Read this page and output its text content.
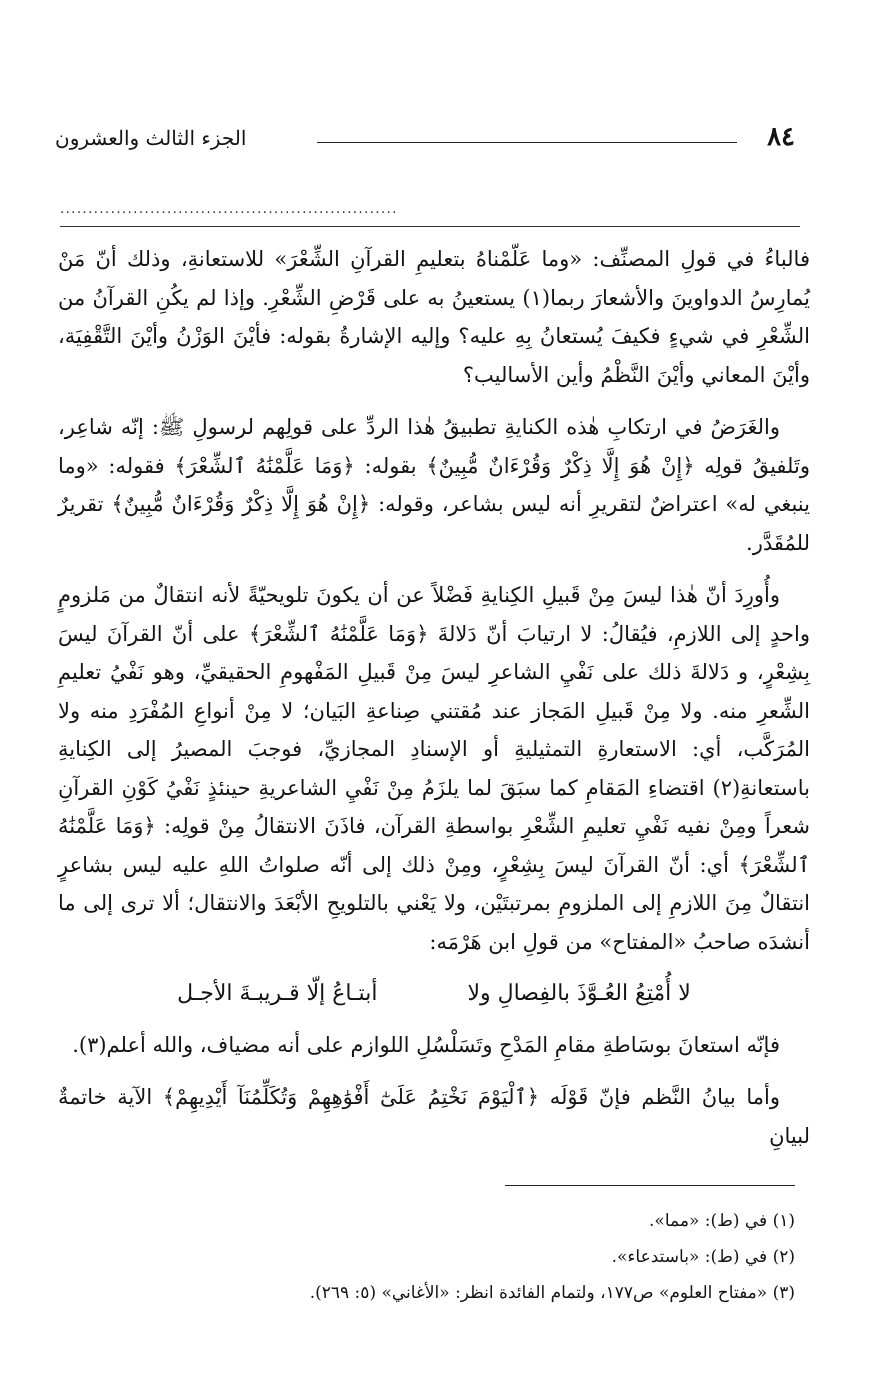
٨٤
الجزء الثالث والعشرون
............................................................

فالباءُ في قولِ المصنِّف: «وما عَلّمْناهُ بتعليمِ القرآنِ الشِّعْرَ» للاستعانةِ، وذلك أنّ مَنْ يُمارِسُ الدواوينَ والأشعارَ ربما(١) يستعينُ به على قَرْضِ الشِّعْرِ. وإذا لم يكُنِ القرآنُ من الشِّعْرِ في شيءٍ فكيفَ يُستعانُ بِهِ عليه؟ وإليه الإشارةُ بقوله: فأيْنَ الوَزْنُ وأيْنَ التَّقْفِيَة، وأيْنَ المعاني وأيْنَ النَّظْمُ وأين الأساليب؟

والغَرَضُ في ارتكابِ هٰذه الكنايةِ تطبيقُ هٰذا الردِّ على قولِهم لرسولِ ﷺ: إنّه شاعِر، وتَلفيقُ قولِه ﴿إِنْ هُوَ إِلَّا ذِكْرٌ وَقُرْءَانٌ مُّبِينٌ﴾ بقوله: ﴿وَمَا عَلَّمْنَٰهُ ٱلشِّعْرَ﴾ فقوله: «وما ينبغي له» اعتراضٌ لتقريرِ أنه ليس بشاعر، وقوله: ﴿إِنْ هُوَ إِلَّا ذِكْرٌ وَقُرْءَانٌ مُّبِينٌ﴾ تقريرٌ للمُقَدَّر.

وأُورِدَ أنّ هٰذا ليسَ مِنْ قَبيلِ الكِنايةِ فَضْلاً عن أن يكونَ تلويحيّةً لأنه انتقالٌ من مَلزومٍ واحدٍ إلى اللازمِ، فيُقالُ: لا ارتيابَ أنّ دَلالةَ ﴿وَمَا عَلَّمْنَٰهُ ٱلشِّعْرَ﴾ على أنّ القرآنَ ليسَ بِشِعْرٍ، و دَلالةَ ذلك على نَفْيِ الشاعرِ ليسَ مِنْ قَبيلِ المَفْهومِ الحقيقيِّ، وهو نَفْيُ تعليمِ الشِّعرِ منه. ولا مِنْ قَبيلِ المَجاز عند مُقتني صِناعةِ البَيان؛ لا مِنْ أنواعِ المُفْرَدِ منه ولا المُرَكَّب، أي: الاستعارةِ التمثيليةِ أو الإسنادِ المجازيِّ، فوجبَ المصيرُ إلى الكِنايةِ باستعانةِ(٢) اقتضاءِ المَقامِ كما سبَقَ لما يلزَمُ مِنْ نَفْيِ الشاعريةِ حينئذٍ نَفْيُ كَوْنِ القرآنِ شعراً ومِنْ نفيه نَفْيِ تعليمِ الشِّعْرِ بواسطةِ القرآن، فاذَنَ الانتقالُ مِنْ قولِه: ﴿وَمَا عَلَّمْنَٰهُ ٱلشِّعْرَ﴾ أي: أنّ القرآنَ ليسَ بِشِعْرٍ، ومِنْ ذلك إلى أنّه صلواتُ اللهِ عليه ليس بشاعرٍ انتقالٌ مِنَ اللازمِ إلى الملزومِ بمرتبتَيْن، ولا يَعْني بالتلويحِ الأبْعَدَ والانتقال؛ ألا ترى إلى ما أنشدَه صاحبُ «المفتاح» من قولِ ابن هَرْمَه:

لا أُمْتِعُ العُـوَّذَ بالفِصالِ ولا
أبتـاعُ إلّا قـريبـةَ الأجـل

فإنّه استعانَ بوسَاطةِ مقامِ المَدْحِ وتَسَلْسُلِ اللوازم على أنه مضياف، والله أعلم(٣).

وأما بيانُ النَّظم فإنّ قَوْلَه ﴿ٱلْيَوْمَ نَخْتِمُ عَلَىٰٓ أَفْوَٰهِهِمْ وَتُكَلِّمُنَآ أَيْدِيهِمْ﴾ الآية خاتمةٌ لبيانِ

(١) في (ط): «مما».
(٢) في (ط): «باستدعاء».
(٣) «مفتاح العلوم» ص١٧٧، ولتمام الفائدة انظر: «الأغاني» (٥: ٢٦٩).
